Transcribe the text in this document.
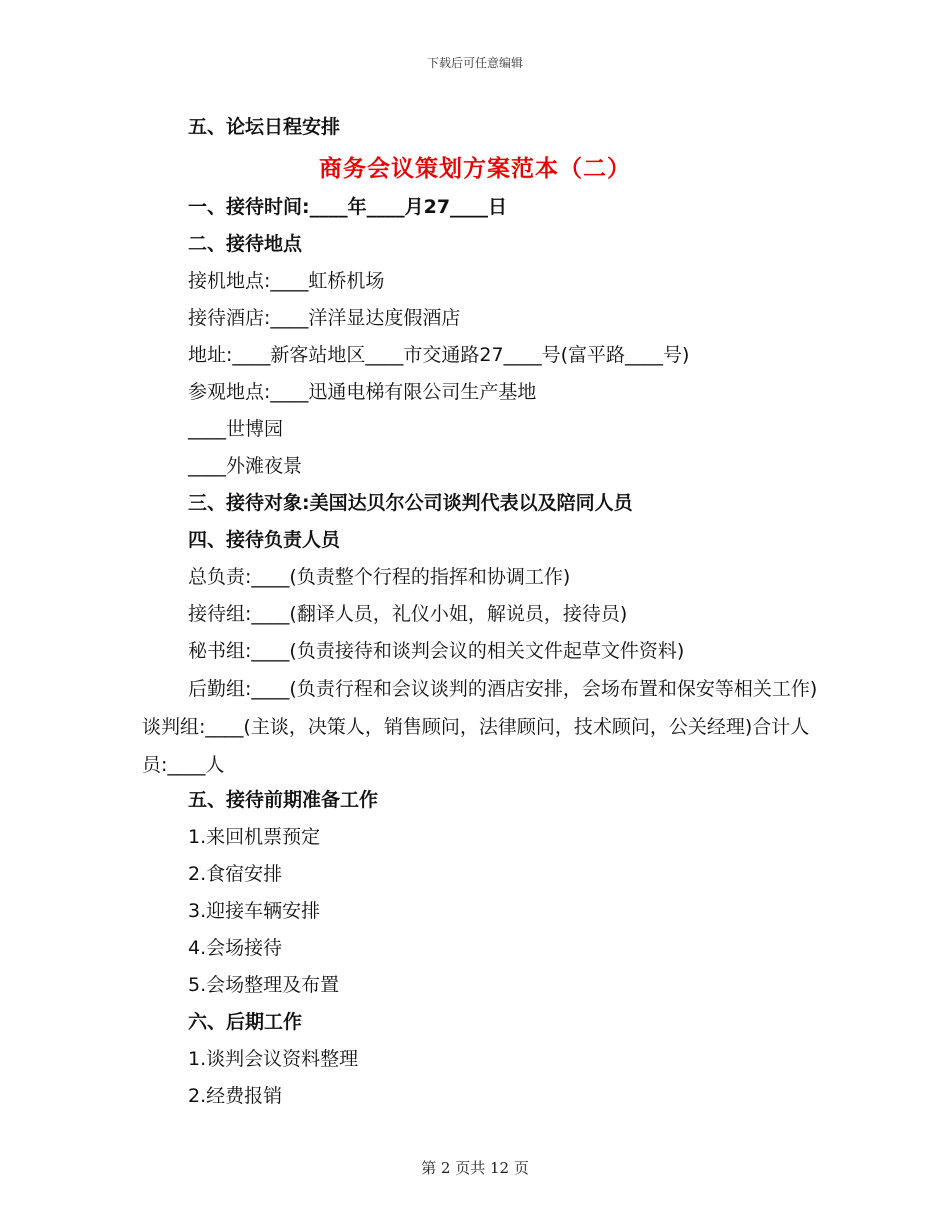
下载后可任意编辑
五、论坛日程安排
商务会议策划方案范本（二）
一、接待时间:____年____月27____日
二、接待地点
接机地点:____虹桥机场
接待酒店:____洋洋显达度假酒店
地址:____新客站地区____市交通路27____号(富平路____号)
参观地点:____迅通电梯有限公司生产基地
____世博园
____外滩夜景
三、接待对象:美国达贝尔公司谈判代表以及陪同人员
四、接待负责人员
总负责:____(负责整个行程的指挥和协调工作)
接待组:____(翻译人员，礼仪小姐，解说员，接待员)
秘书组:____(负责接待和谈判会议的相关文件起草文件资料)
后勤组:____(负责行程和会议谈判的酒店安排，会场布置和保安等相关工作)谈判组:____(主谈，决策人，销售顾问，法律顾问，技术顾问，公关经理)合计人员:____人
五、接待前期准备工作
1.来回机票预定
2.食宿安排
3.迎接车辆安排
4.会场接待
5.会场整理及布置
六、后期工作
1.谈判会议资料整理
2.经费报销
第 2 页共 12 页
